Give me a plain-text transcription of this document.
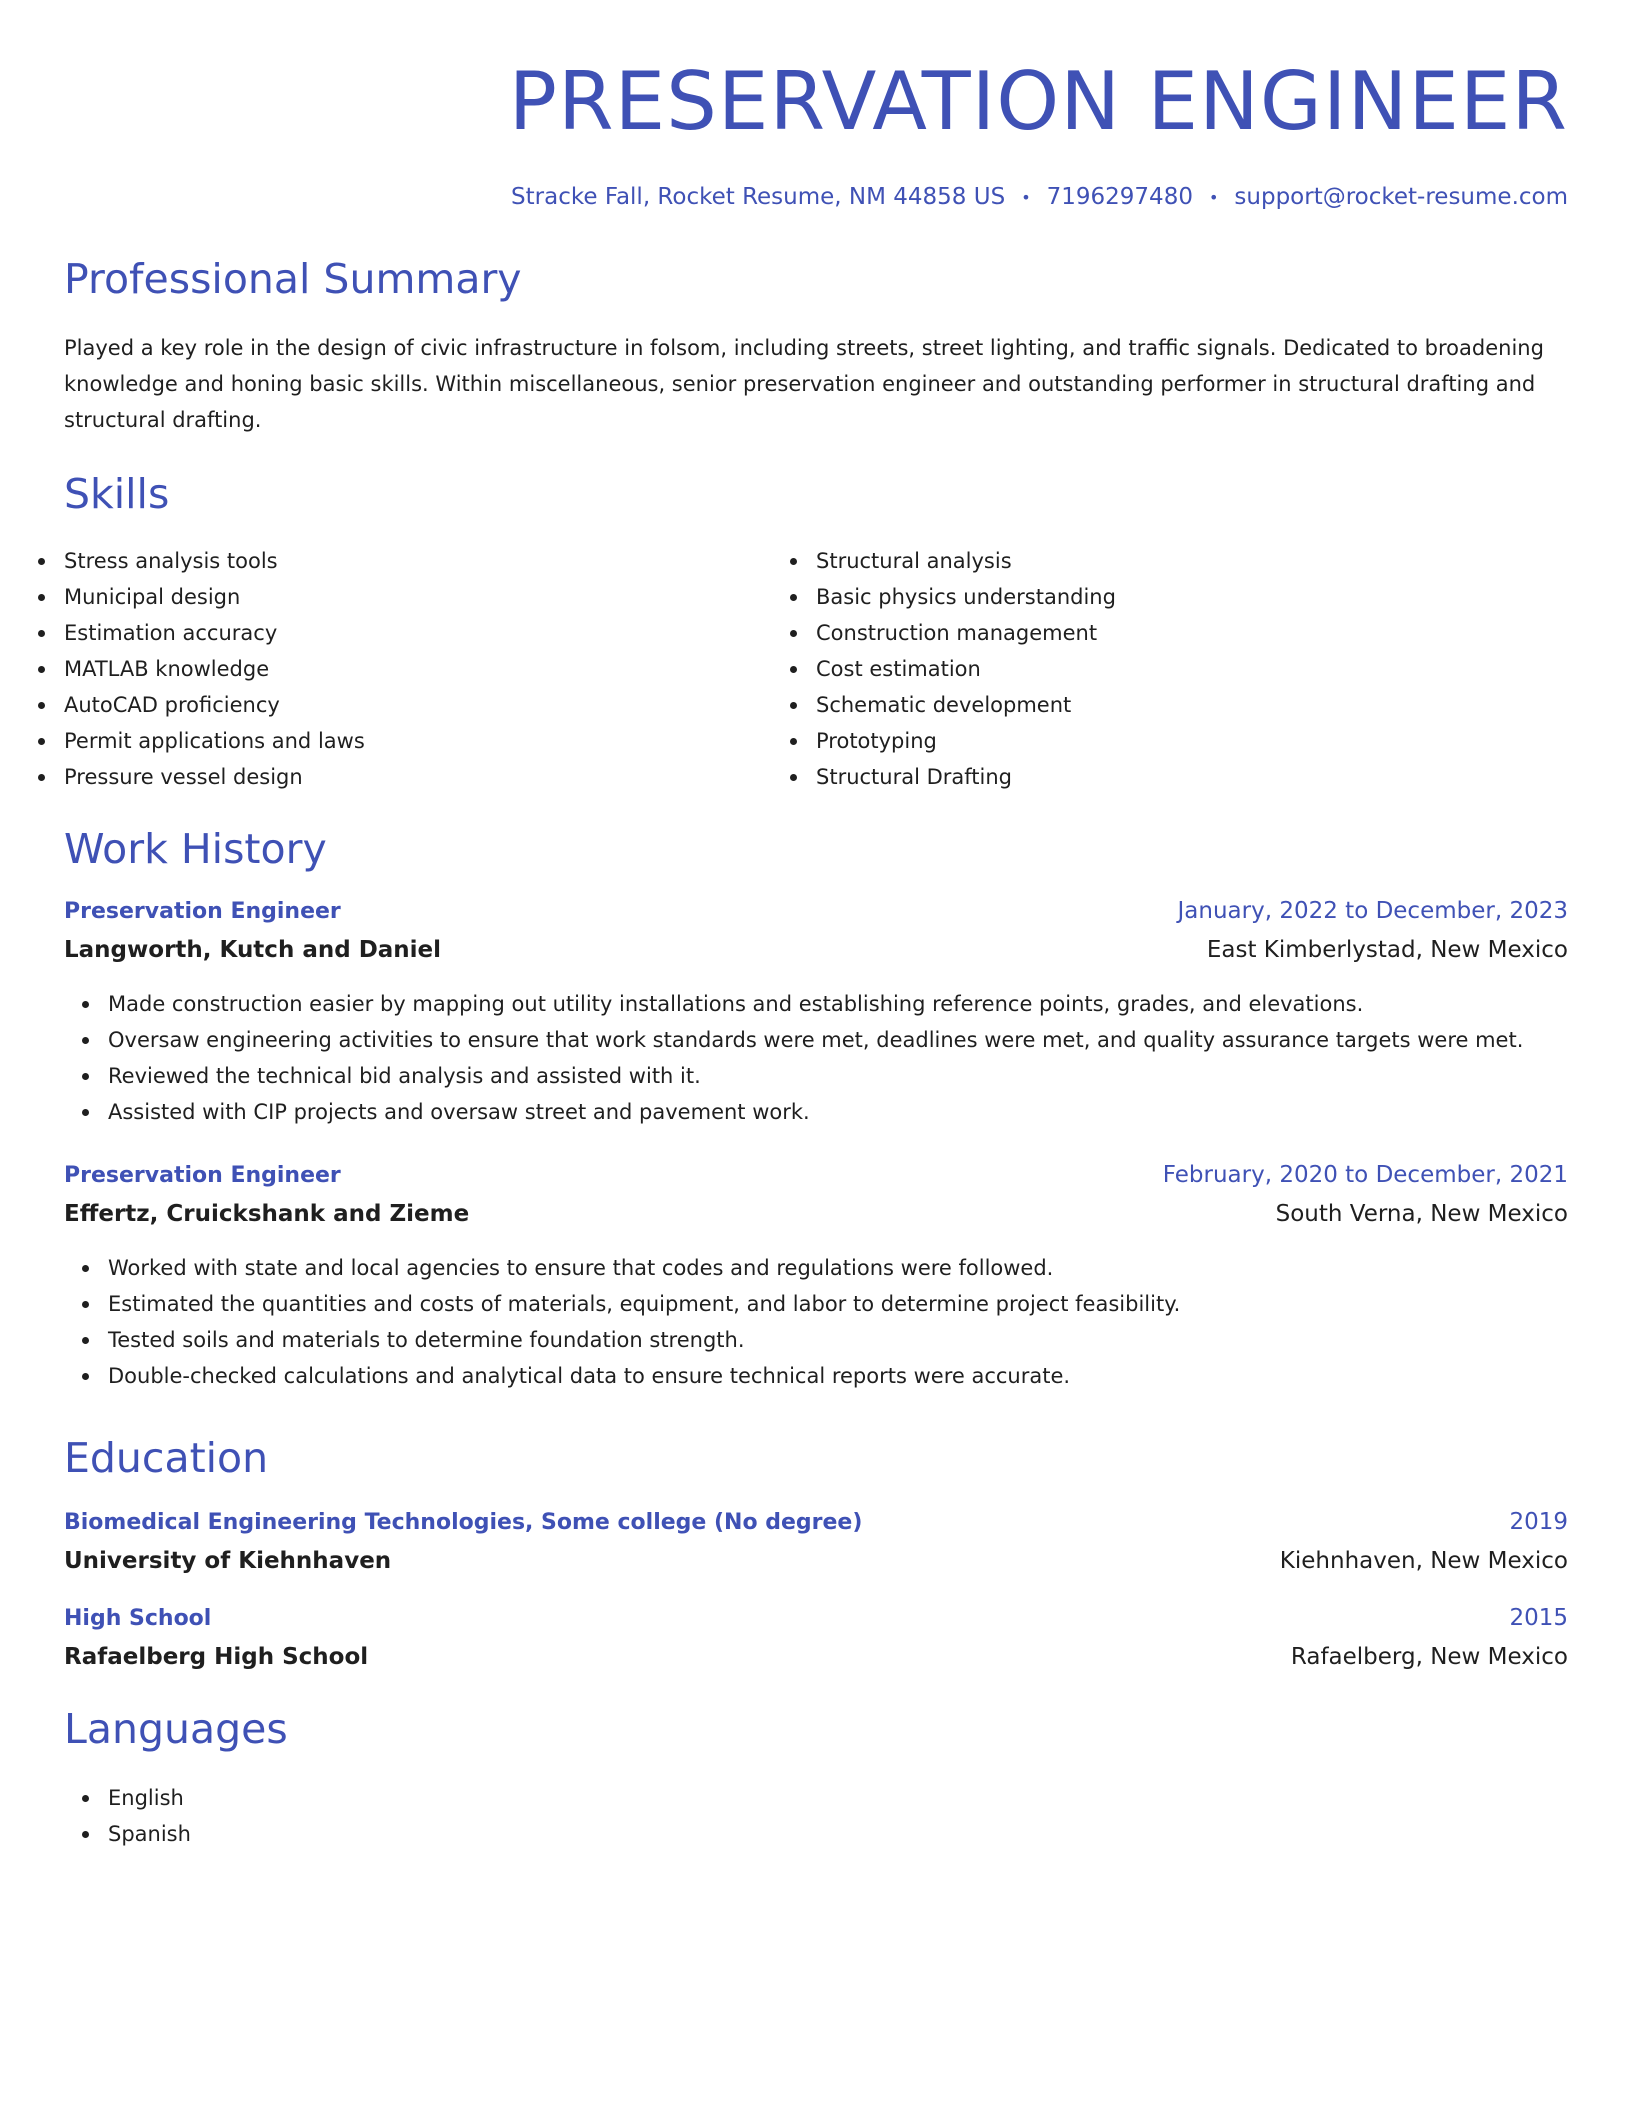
PRESERVATION ENGINEER
Stracke Fall, Rocket Resume, NM 44858 US • 7196297480 • support@rocket-resume.com
Professional Summary
Played a key role in the design of civic infrastructure in folsom, including streets, street lighting, and traffic signals. Dedicated to broadening knowledge and honing basic skills. Within miscellaneous, senior preservation engineer and outstanding performer in structural drafting and structural drafting.
Skills
Stress analysis tools
Municipal design
Estimation accuracy
MATLAB knowledge
AutoCAD proficiency
Permit applications and laws
Pressure vessel design
Structural analysis
Basic physics understanding
Construction management
Cost estimation
Schematic development
Prototyping
Structural Drafting
Work History
Preservation Engineer	January, 2022 to December, 2023
Langworth, Kutch and Daniel	East Kimberlystad, New Mexico
Made construction easier by mapping out utility installations and establishing reference points, grades, and elevations.
Oversaw engineering activities to ensure that work standards were met, deadlines were met, and quality assurance targets were met.
Reviewed the technical bid analysis and assisted with it.
Assisted with CIP projects and oversaw street and pavement work.
Preservation Engineer	February, 2020 to December, 2021
Effertz, Cruickshank and Zieme	South Verna, New Mexico
Worked with state and local agencies to ensure that codes and regulations were followed.
Estimated the quantities and costs of materials, equipment, and labor to determine project feasibility.
Tested soils and materials to determine foundation strength.
Double-checked calculations and analytical data to ensure technical reports were accurate.
Education
Biomedical Engineering Technologies, Some college (No degree)	2019
University of Kiehnhaven	Kiehnhaven, New Mexico
High School	2015
Rafaelberg High School	Rafaelberg, New Mexico
Languages
English
Spanish
